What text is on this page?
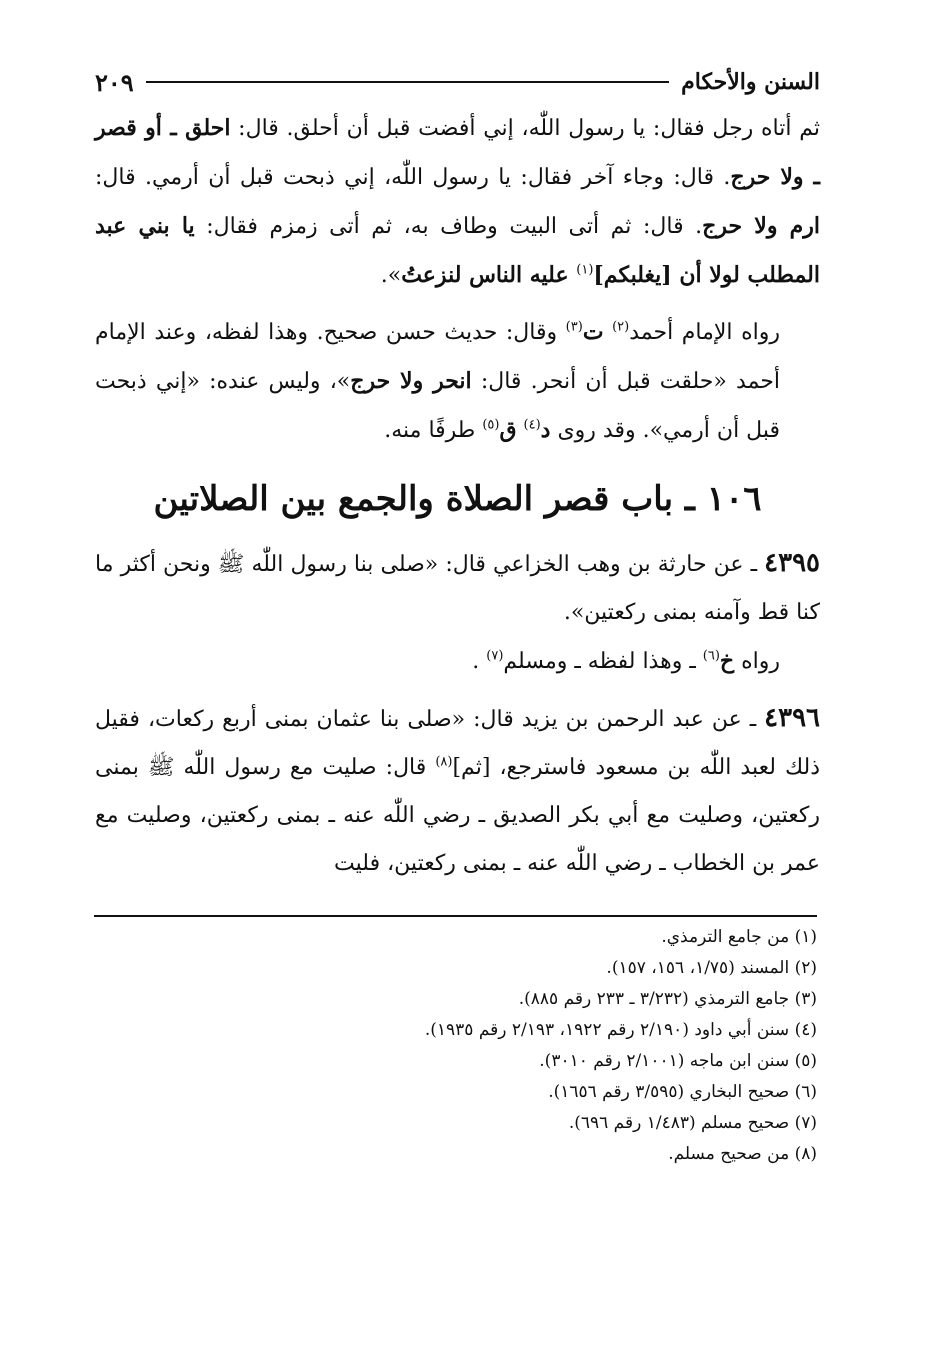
السنن والأحكام
٢٠٩

ثم أتاه رجل فقال: يا رسول اللّٰه، إني أفضت قبل أن أحلق. قال: احلق ـ أو قصر ـ ولا حرج. قال: وجاء آخر فقال: يا رسول اللّٰه، إني ذبحت قبل أن أرمي. قال: ارم ولا حرج. قال: ثم أتى البيت وطاف به، ثم أتى زمزم فقال: يا بني عبد المطلب لولا أن [يغلبكم]$^{(١)}$ عليه الناس لنزعتُ».

رواه الإمام أحمد$^{(٢)}$ ت$^{(٣)}$ وقال: حديث حسن صحيح. وهذا لفظه، وعند الإمام أحمد «حلقت قبل أن أنحر. قال: انحر ولا حرج»، وليس عنده: «إني ذبحت قبل أن أرمي». وقد روى د$^{(٤)}$ ق$^{(٥)}$ طرفًا منه.

١٠٦ ـ باب قصر الصلاة والجمع بين الصلاتين

٤٣٩٥ ـ عن حارثة بن وهب الخزاعي قال: «صلى بنا رسول اللّٰه ﷺ ونحن أكثر ما كنا قط وآمنه بمنى ركعتين».

رواه خ$^{(٦)}$ ـ وهذا لفظه ـ ومسلم$^{(٧)}$ .

٤٣٩٦ ـ عن عبد الرحمن بن يزيد قال: «صلى بنا عثمان بمنى أربع ركعات، فقيل ذلك لعبد اللّٰه بن مسعود فاسترجع، [ثم]$^{(٨)}$ قال: صليت مع رسول اللّٰه ﷺ بمنى ركعتين، وصليت مع أبي بكر الصديق ـ رضي اللّٰه عنه ـ بمنى ركعتين، وصليت مع عمر بن الخطاب ـ رضي اللّٰه عنه ـ بمنى ركعتين، فليت

(١) من جامع الترمذي.

(٢) المسند (١/٧٥، ١٥٦، ١٥٧).

(٣) جامع الترمذي (٣/٢٣٢ ـ ٢٣٣ رقم ٨٨٥).

(٤) سنن أبي داود (٢/١٩٠ رقم ١٩٢٢، ٢/١٩٣ رقم ١٩٣٥).

(٥) سنن ابن ماجه (٢/١٠٠١ رقم ٣٠١٠).

(٦) صحيح البخاري (٣/٥٩٥ رقم ١٦٥٦).

(٧) صحيح مسلم (١/٤٨٣ رقم ٦٩٦).

(٨) من صحيح مسلم.
